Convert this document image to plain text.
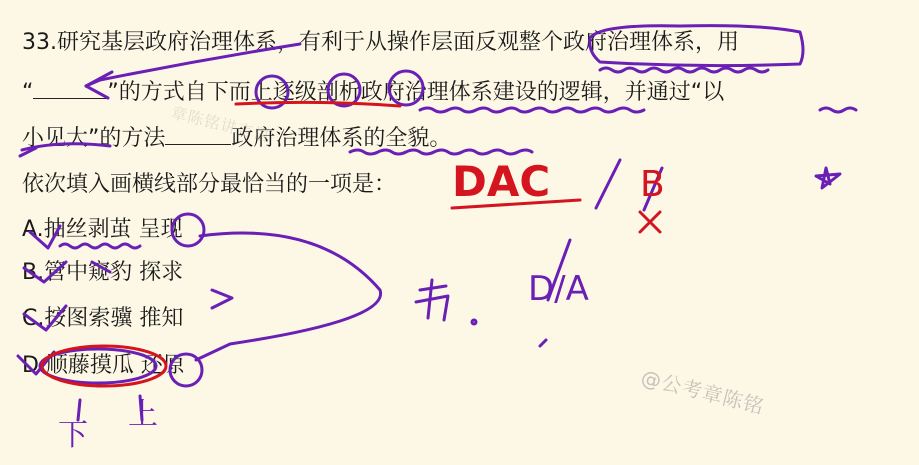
33.研究基层政府治理体系，有利于从操作层面反观整个政府治理体系，用
“	”的方式自下而上逐级剖析政府治理体系建设的逻辑，并通过“以
小见大”的方法	政府治理体系的全貌。
依次填入画横线部分最恰当的一项是：
A.抽丝剥茧 呈现
B.管中窥豹 探求
C.按图索骥 推知
D.顺藤摸瓜 还原
章陈铭讲言语
@公考章陈铭
DAC B
D/A
下
上
